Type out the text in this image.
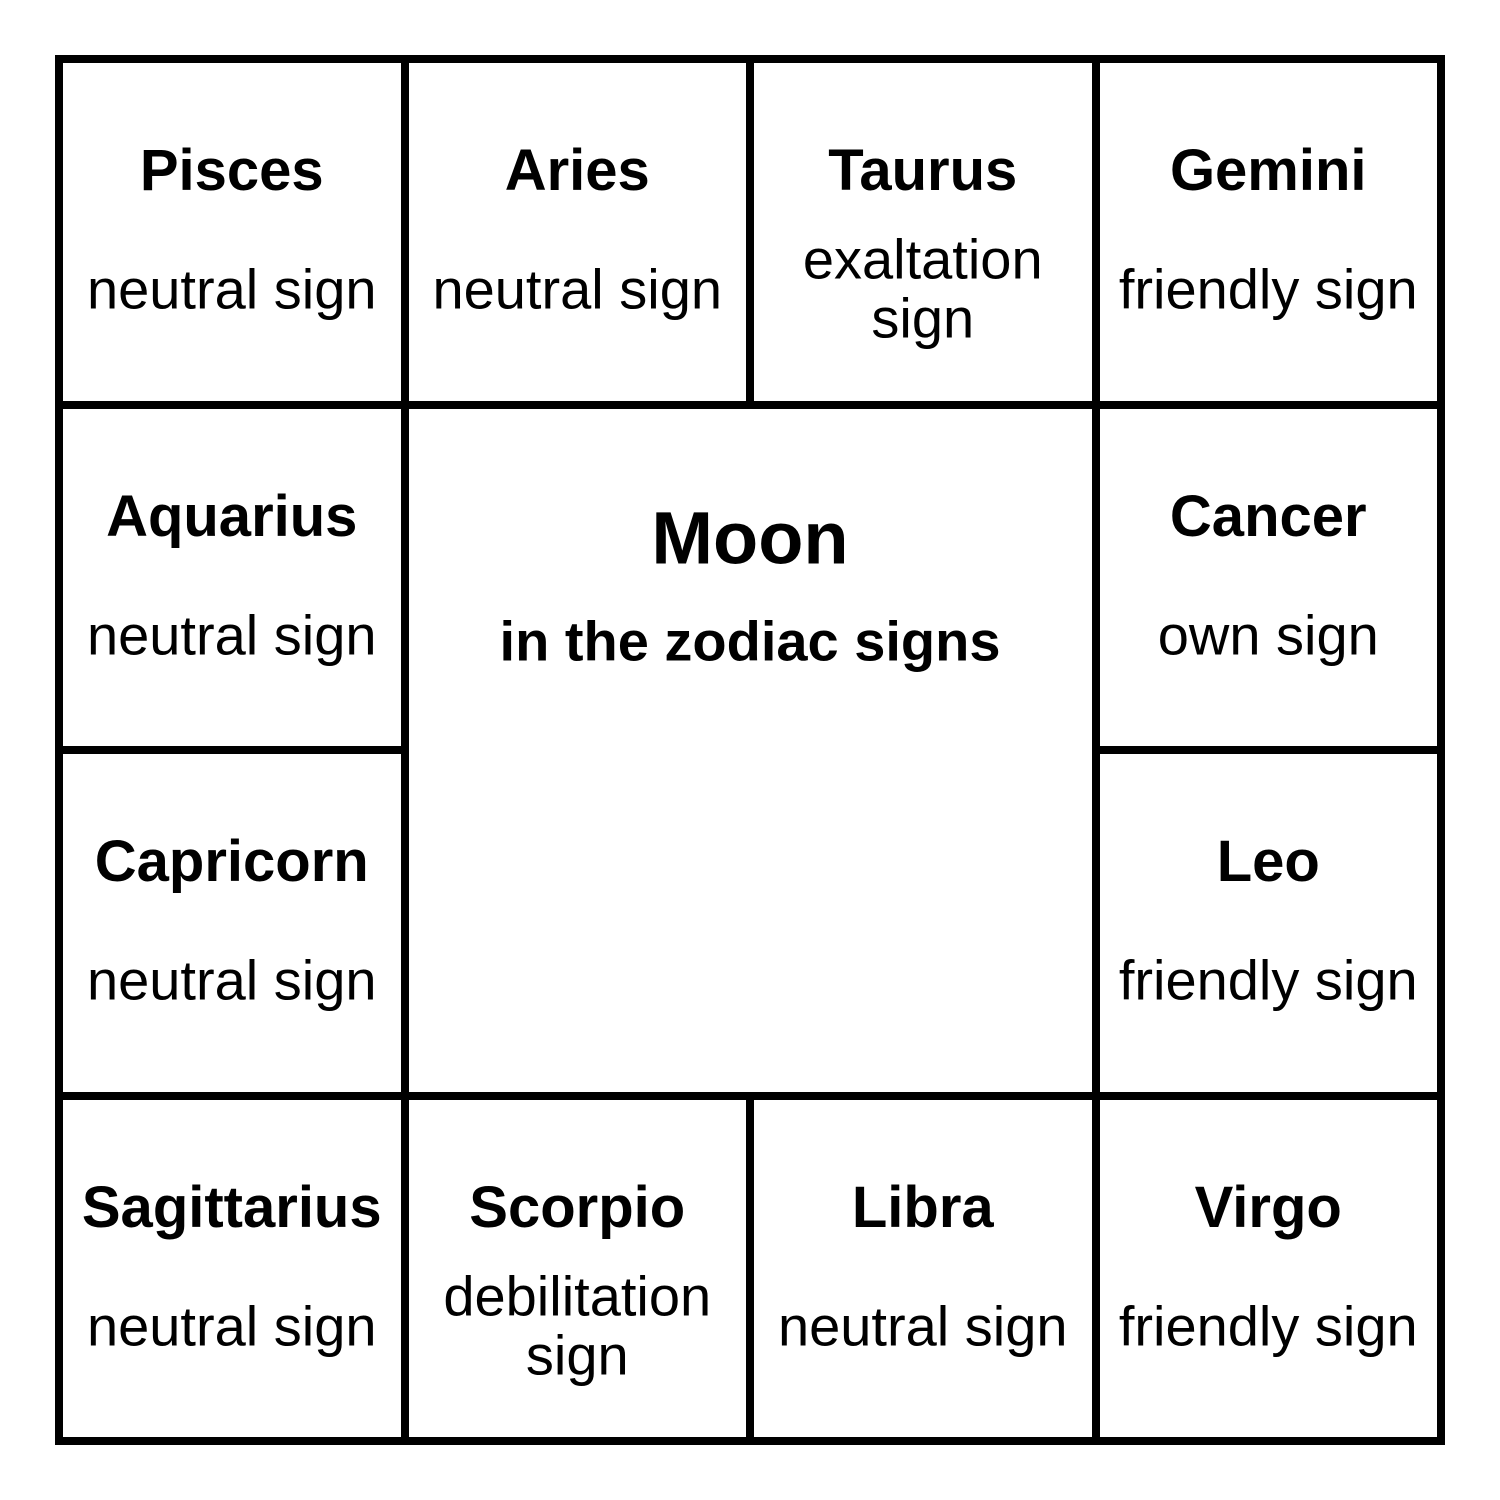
Pisces
neutral sign
Aries
neutral sign
Taurus
exaltation
sign
Gemini
friendly sign
Aquarius
neutral sign
Moon
in the zodiac signs
Cancer
own sign
Capricorn
neutral sign
Leo
friendly sign
Sagittarius
neutral sign
Scorpio
debilitation
sign
Libra
neutral sign
Virgo
friendly sign
